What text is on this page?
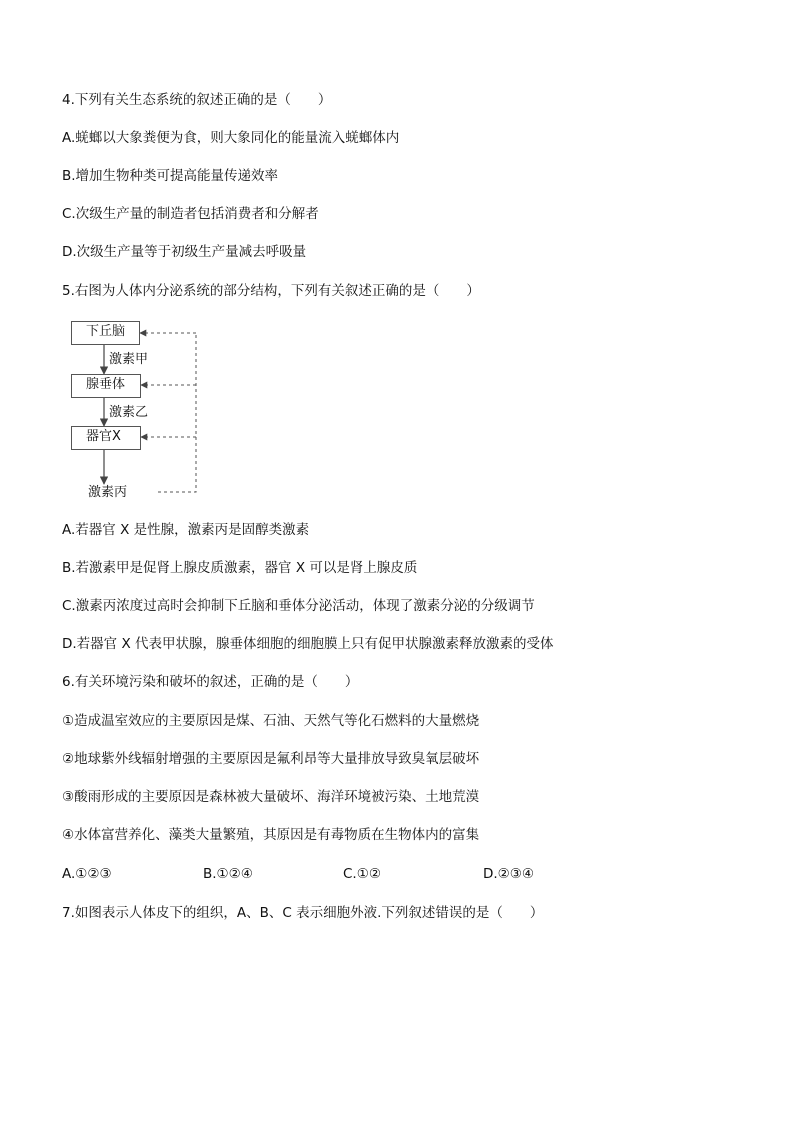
4.下列有关生态系统的叙述正确的是（　　）

A.蜣螂以大象粪便为食，则大象同化的能量流入蜣螂体内

B.增加生物种类可提高能量传递效率

C.次级生产量的制造者包括消费者和分解者

D.次级生产量等于初级生产量减去呼吸量

5.右图为人体内分泌系统的部分结构，下列有关叙述正确的是（　　）

下丘脑
腺垂体
器官X
激素甲
激素乙
激素丙

A.若器官 X 是性腺，激素丙是固醇类激素

B.若激素甲是促肾上腺皮质激素，器官 X 可以是肾上腺皮质

C.激素丙浓度过高时会抑制下丘脑和垂体分泌活动，体现了激素分泌的分级调节

D.若器官 X 代表甲状腺，腺垂体细胞的细胞膜上只有促甲状腺激素释放激素的受体

6.有关环境污染和破坏的叙述，正确的是（　　）

①造成温室效应的主要原因是煤、石油、天然气等化石燃料的大量燃烧

②地球紫外线辐射增强的主要原因是氟利昂等大量排放导致臭氧层破坏

③酸雨形成的主要原因是森林被大量破坏、海洋环境被污染、土地荒漠

④水体富营养化、藻类大量繁殖，其原因是有毒物质在生物体内的富集

A.①②③	B.①②④	C.①②	D.②③④

7.如图表示人体皮下的组织，A、B、C 表示细胞外液.下列叙述错误的是（　　）
